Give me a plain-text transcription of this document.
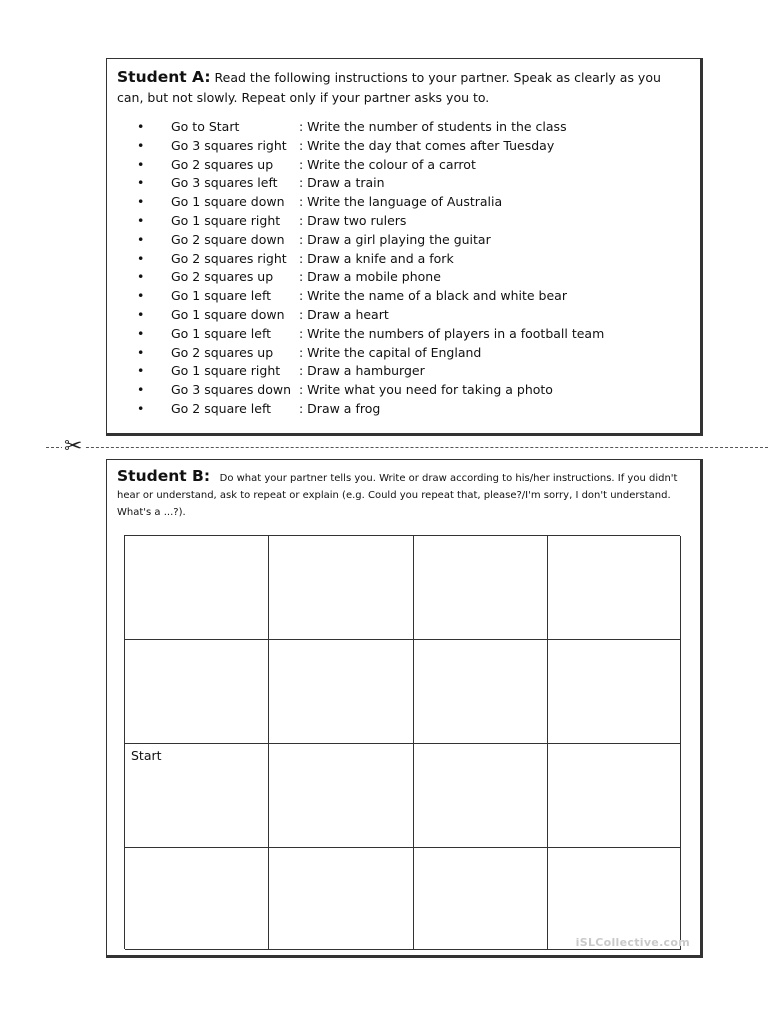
Student A: Read the following instructions to your partner. Speak as clearly as you can, but not slowly. Repeat only if your partner asks you to.

•	Go to Start	: Write the number of students in the class
•	Go 3 squares right : Write the day that comes after Tuesday
•	Go 2 squares up : Write the colour of a carrot
•	Go 3 squares left : Draw a train
•	Go 1 square down : Write the language of Australia
•	Go 1 square right : Draw two rulers
•	Go 2 square down : Draw a girl playing the guitar
•	Go 2 squares right : Draw a knife and a fork
•	Go 2 squares up : Draw a mobile phone
•	Go 1 square left : Write the name of a black and white bear
•	Go 1 square down : Draw a heart
•	Go 1 square left : Write the numbers of players in a football team
•	Go 2 squares up : Write the capital of England
•	Go 1 square right : Draw a hamburger
•	Go 3 squares down : Write what you need for taking a photo
•	Go 2 square left : Draw a frog
✂

Student B: Do what your partner tells you. Write or draw according to his/her instructions. If you didn't hear or understand, ask to repeat or explain (e.g. Could you repeat that, please?/I'm sorry, I don't understand. What's a ...?).

Start
iSLCollective.com
